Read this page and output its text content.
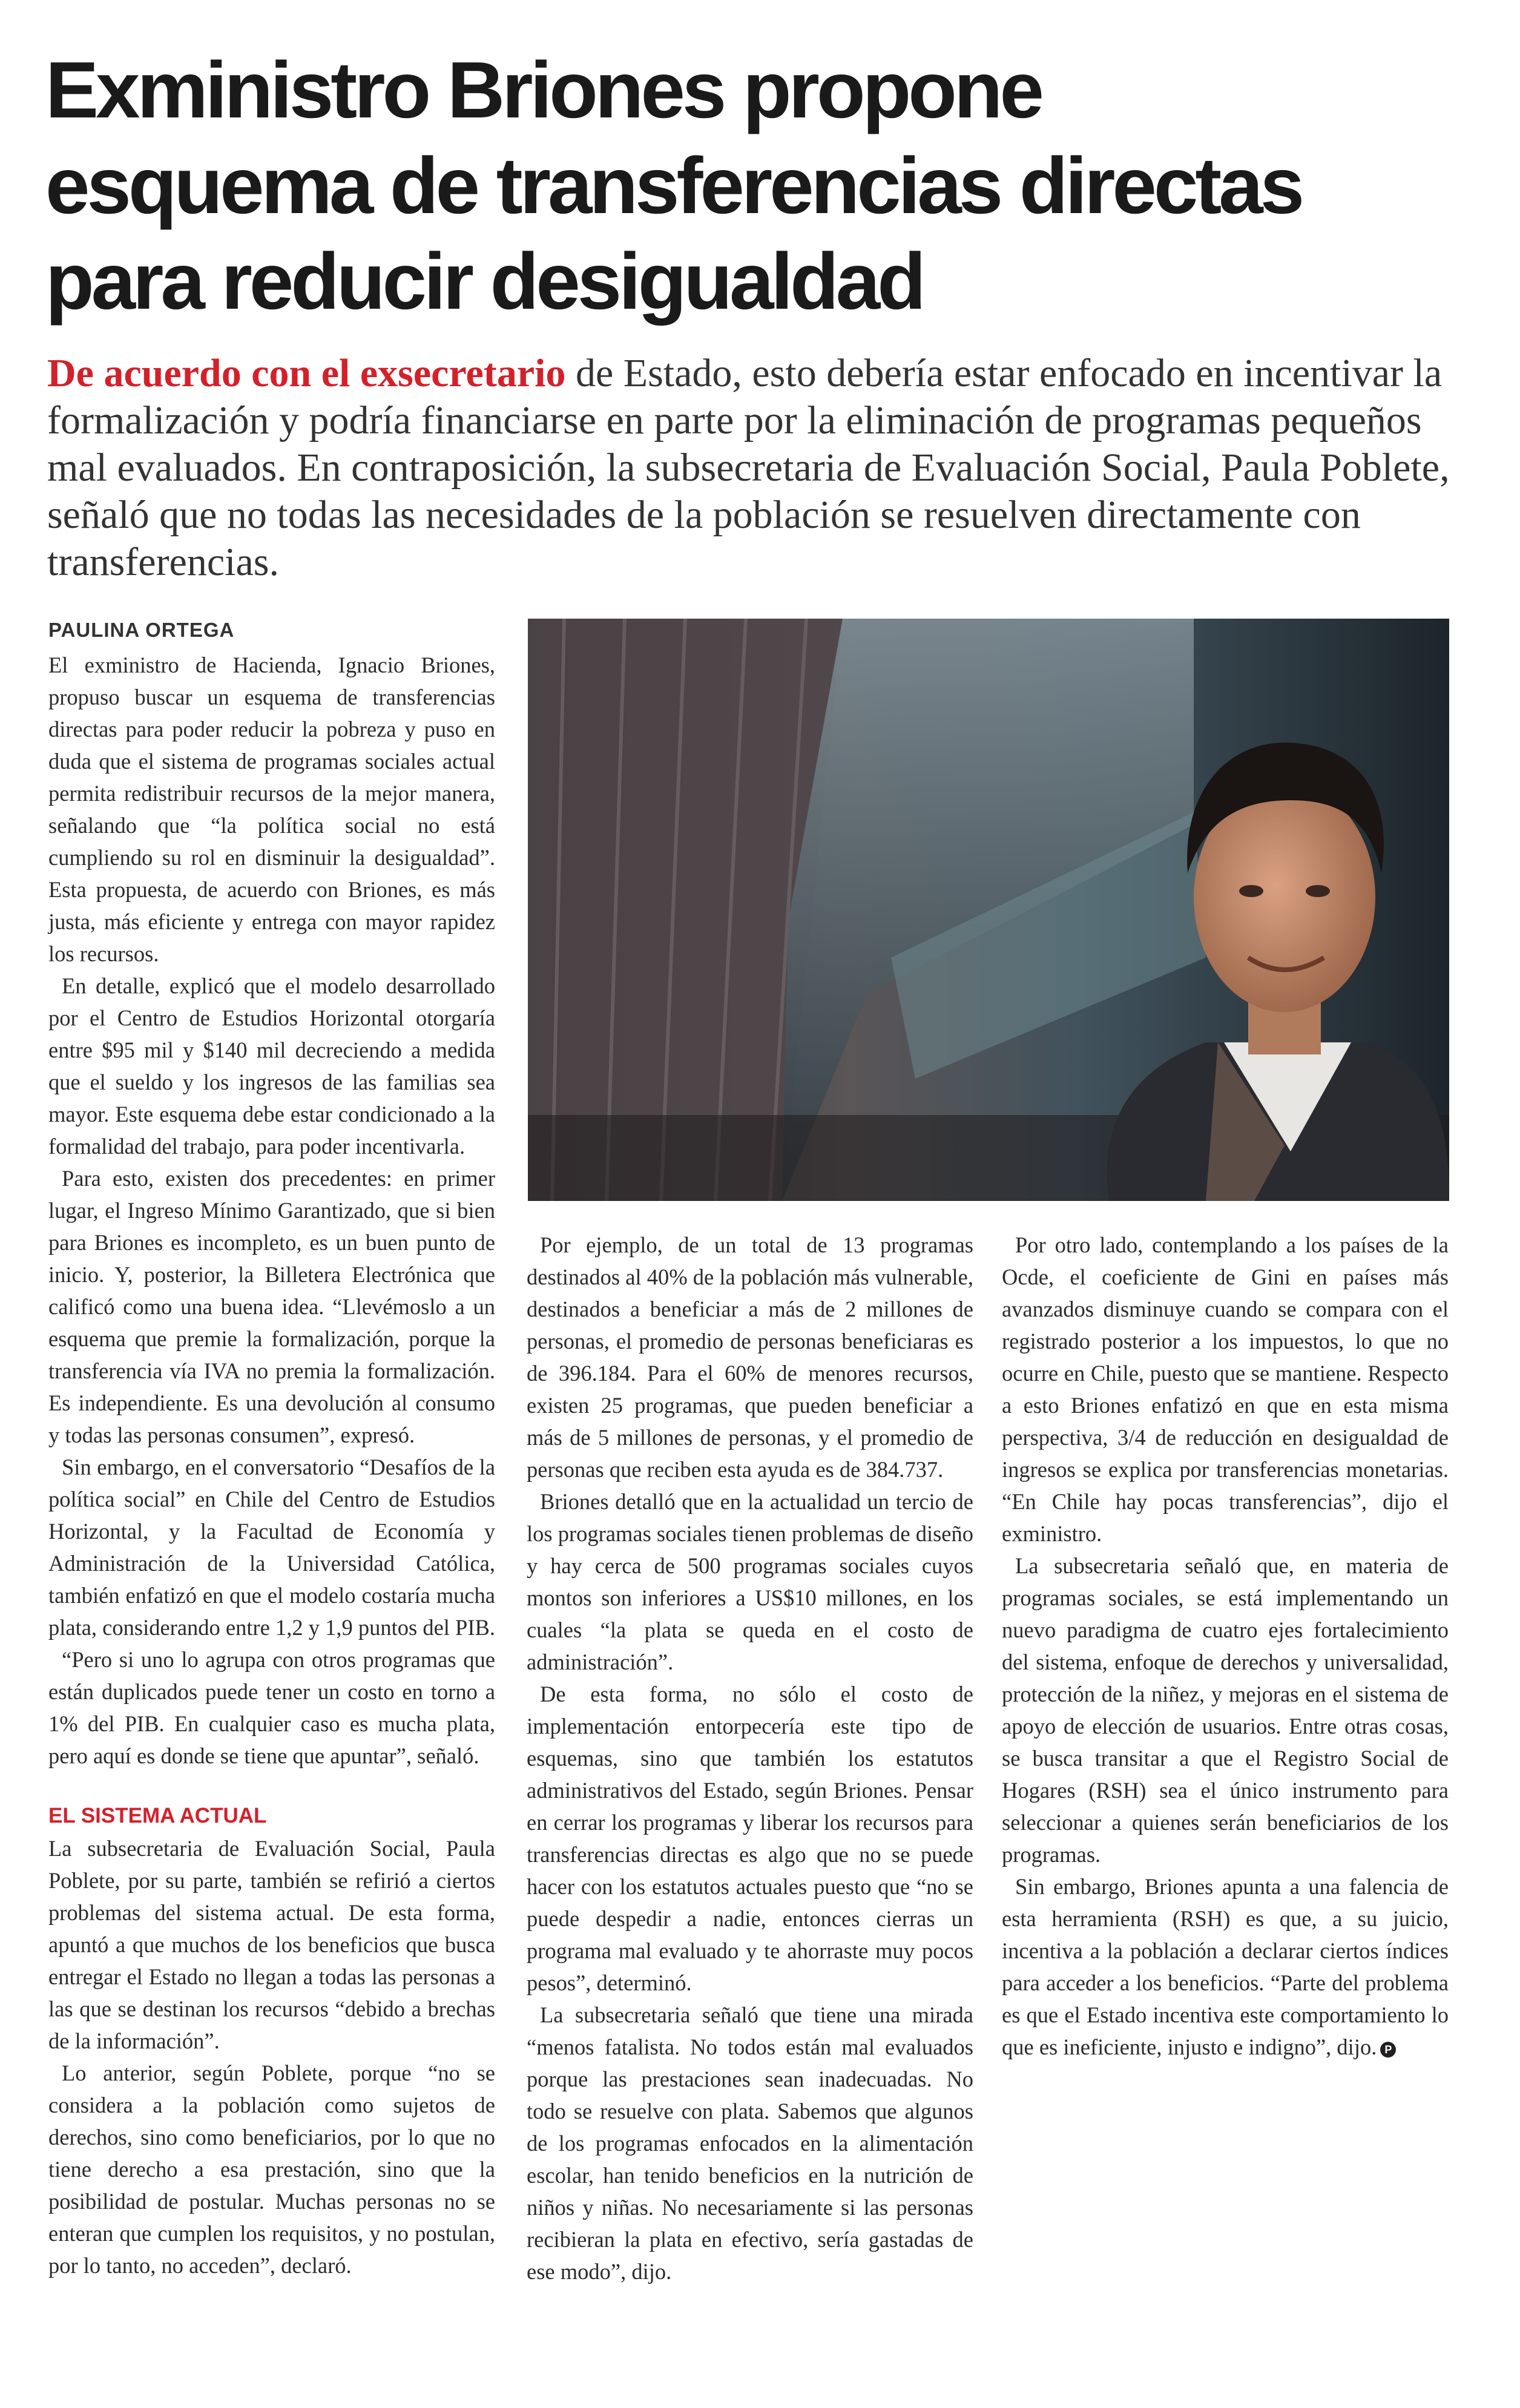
Exministro Briones propone
esquema de transferencias directas
para reducir desigualdad

De acuerdo con el exsecretario de Estado, esto debería estar enfocado en incentivar la formalización y podría financiarse en parte por la eliminación de programas pequeños mal evaluados. En contraposición, la subsecretaria de Evaluación Social, Paula Poblete, señaló que no todas las necesidades de la población se resuelven directamente con transferencias.

PAULINA ORTEGA

El exministro de Hacienda, Ignacio Briones, propuso buscar un esquema de transferencias directas para poder reducir la pobreza y puso en duda que el sistema de programas sociales actual permita redistribuir recursos de la mejor manera, señalando que “la política social no está cumpliendo su rol en disminuir la desigualdad”. Esta propuesta, de acuerdo con Briones, es más justa, más eficiente y entrega con mayor rapidez los recursos.

En detalle, explicó que el modelo desarrollado por el Centro de Estudios Horizontal otorgaría entre $95 mil y $140 mil decreciendo a medida que el sueldo y los ingresos de las familias sea mayor. Este esquema debe estar condicionado a la formalidad del trabajo, para poder incentivarla.

Para esto, existen dos precedentes: en primer lugar, el Ingreso Mínimo Garantizado, que si bien para Briones es incompleto, es un buen punto de inicio. Y, posterior, la Billetera Electrónica que calificó como una buena idea. “Llevémoslo a un esquema que premie la formalización, porque la transferencia vía IVA no premia la formalización. Es independiente. Es una devolución al consumo y todas las personas consumen”, expresó.

Sin embargo, en el conversatorio “Desafíos de la política social” en Chile del Centro de Estudios Horizontal, y la Facultad de Economía y Administración de la Universidad Católica, también enfatizó en que el modelo costaría mucha plata, considerando entre 1,2 y 1,9 puntos del PIB.

“Pero si uno lo agrupa con otros programas que están duplicados puede tener un costo en torno a 1% del PIB. En cualquier caso es mucha plata, pero aquí es donde se tiene que apuntar”, señaló.

EL SISTEMA ACTUAL

La subsecretaria de Evaluación Social, Paula Poblete, por su parte, también se refirió a ciertos problemas del sistema actual. De esta forma, apuntó a que muchos de los beneficios que busca entregar el Estado no llegan a todas las personas a las que se destinan los recursos “debido a brechas de la información”.

Lo anterior, según Poblete, porque “no se considera a la población como sujetos de derechos, sino como beneficiarios, por lo que no tiene derecho a esa prestación, sino que la posibilidad de postular. Muchas personas no se enteran que cumplen los requisitos, y no postulan, por lo tanto, no acceden”, declaró.

Por ejemplo, de un total de 13 programas destinados al 40% de la población más vulnerable, destinados a beneficiar a más de 2 millones de personas, el promedio de personas beneficiaras es de 396.184. Para el 60% de menores recursos, existen 25 programas, que pueden beneficiar a más de 5 millones de personas, y el promedio de personas que reciben esta ayuda es de 384.737.

Briones detalló que en la actualidad un tercio de los programas sociales tienen problemas de diseño y hay cerca de 500 programas sociales cuyos montos son inferiores a US$10 millones, en los cuales “la plata se queda en el costo de administración”.

De esta forma, no sólo el costo de implementación entorpecería este tipo de esquemas, sino que también los estatutos administrativos del Estado, según Briones. Pensar en cerrar los programas y liberar los recursos para transferencias directas es algo que no se puede hacer con los estatutos actuales puesto que “no se puede despedir a nadie, entonces cierras un programa mal evaluado y te ahorraste muy pocos pesos”, determinó.

La subsecretaria señaló que tiene una mirada “menos fatalista. No todos están mal evaluados porque las prestaciones sean inadecuadas. No todo se resuelve con plata. Sabemos que algunos de los programas enfocados en la alimentación escolar, han tenido beneficios en la nutrición de niños y niñas. No necesariamente si las personas recibieran la plata en efectivo, sería gastadas de ese modo”, dijo.

Por otro lado, contemplando a los países de la Ocde, el coeficiente de Gini en países más avanzados disminuye cuando se compara con el registrado posterior a los impuestos, lo que no ocurre en Chile, puesto que se mantiene. Respecto a esto Briones enfatizó en que en esta misma perspectiva, 3/4 de reducción en desigualdad de ingresos se explica por transferencias monetarias. “En Chile hay pocas transferencias”, dijo el exministro.

La subsecretaria señaló que, en materia de programas sociales, se está implementando un nuevo paradigma de cuatro ejes fortalecimiento del sistema, enfoque de derechos y universalidad, protección de la niñez, y mejoras en el sistema de apoyo de elección de usuarios. Entre otras cosas, se busca transitar a que el Registro Social de Hogares (RSH) sea el único instrumento para seleccionar a quienes serán beneficiarios de los programas.

Sin embargo, Briones apunta a una falencia de esta herramienta (RSH) es que, a su juicio, incentiva a la población a declarar ciertos índices para acceder a los beneficios. “Parte del problema es que el Estado incentiva este comportamiento lo que es ineficiente, injusto e indigno”, dijo. P
